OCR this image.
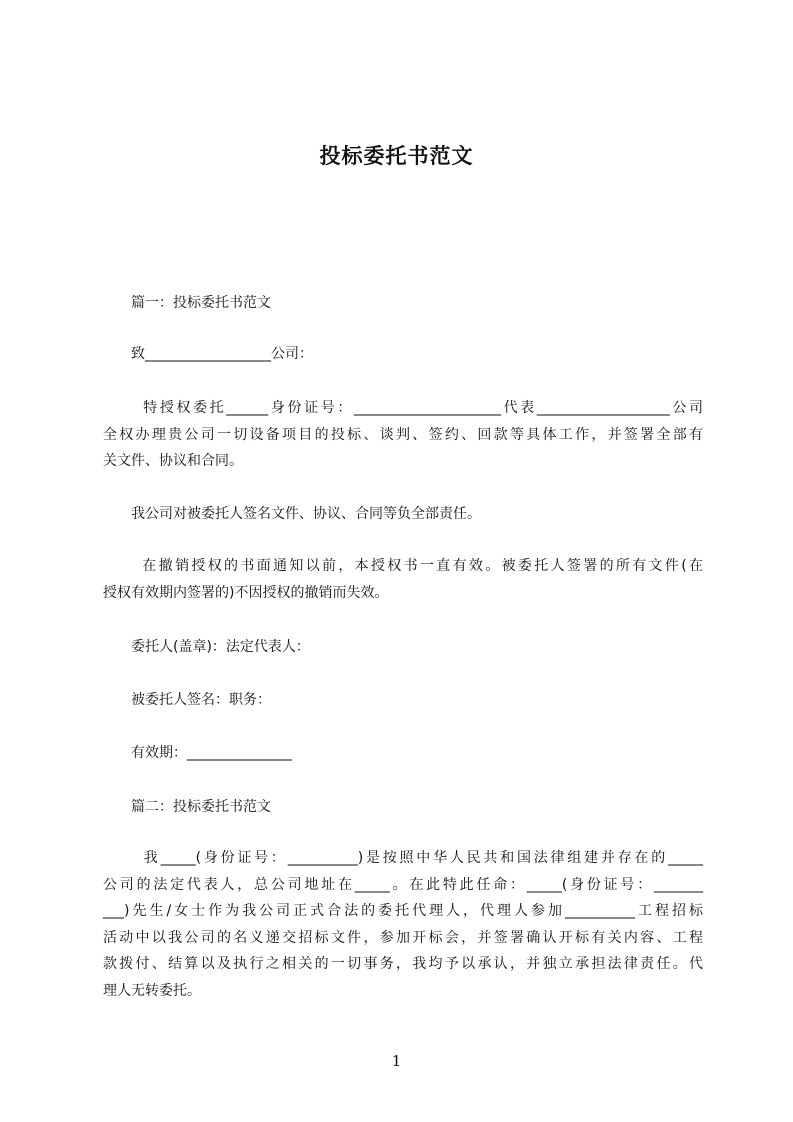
投标委托书范文
　　篇一：投标委托书范文
　　致__________________公司：
　　 特授权委托______身份证号：_____________________代表___________________公司
全权办理贵公司一切设备项目的投标、谈判、签约、回款等具体工作，并签署全部有
关文件、协议和合同。
　　我公司对被委托人签名文件、协议、合同等负全部责任。
　　 在撤销授权的书面通知以前，本授权书一直有效。被委托人签署的所有文件(在
授权有效期内签署的)不因授权的撤销而失效。
　　委托人(盖章)：法定代表人：
　　被委托人签名：职务：
　　有效期：_______________
　　篇二：投标委托书范文
　　 我_____(身份证号：__________)是按照中华人民共和国法律组建并存在的_____
公司的法定代表人，总公司地址在_____。在此特此任命：_____(身份证号：_______
___)先生/女士作为我公司正式合法的委托代理人，代理人参加__________工程招标
活动中以我公司的名义递交招标文件，参加开标会，并签署确认开标有关内容、工程
款拨付、结算以及执行之相关的一切事务，我均予以承认，并独立承担法律责任。代
理人无转委托。
1
